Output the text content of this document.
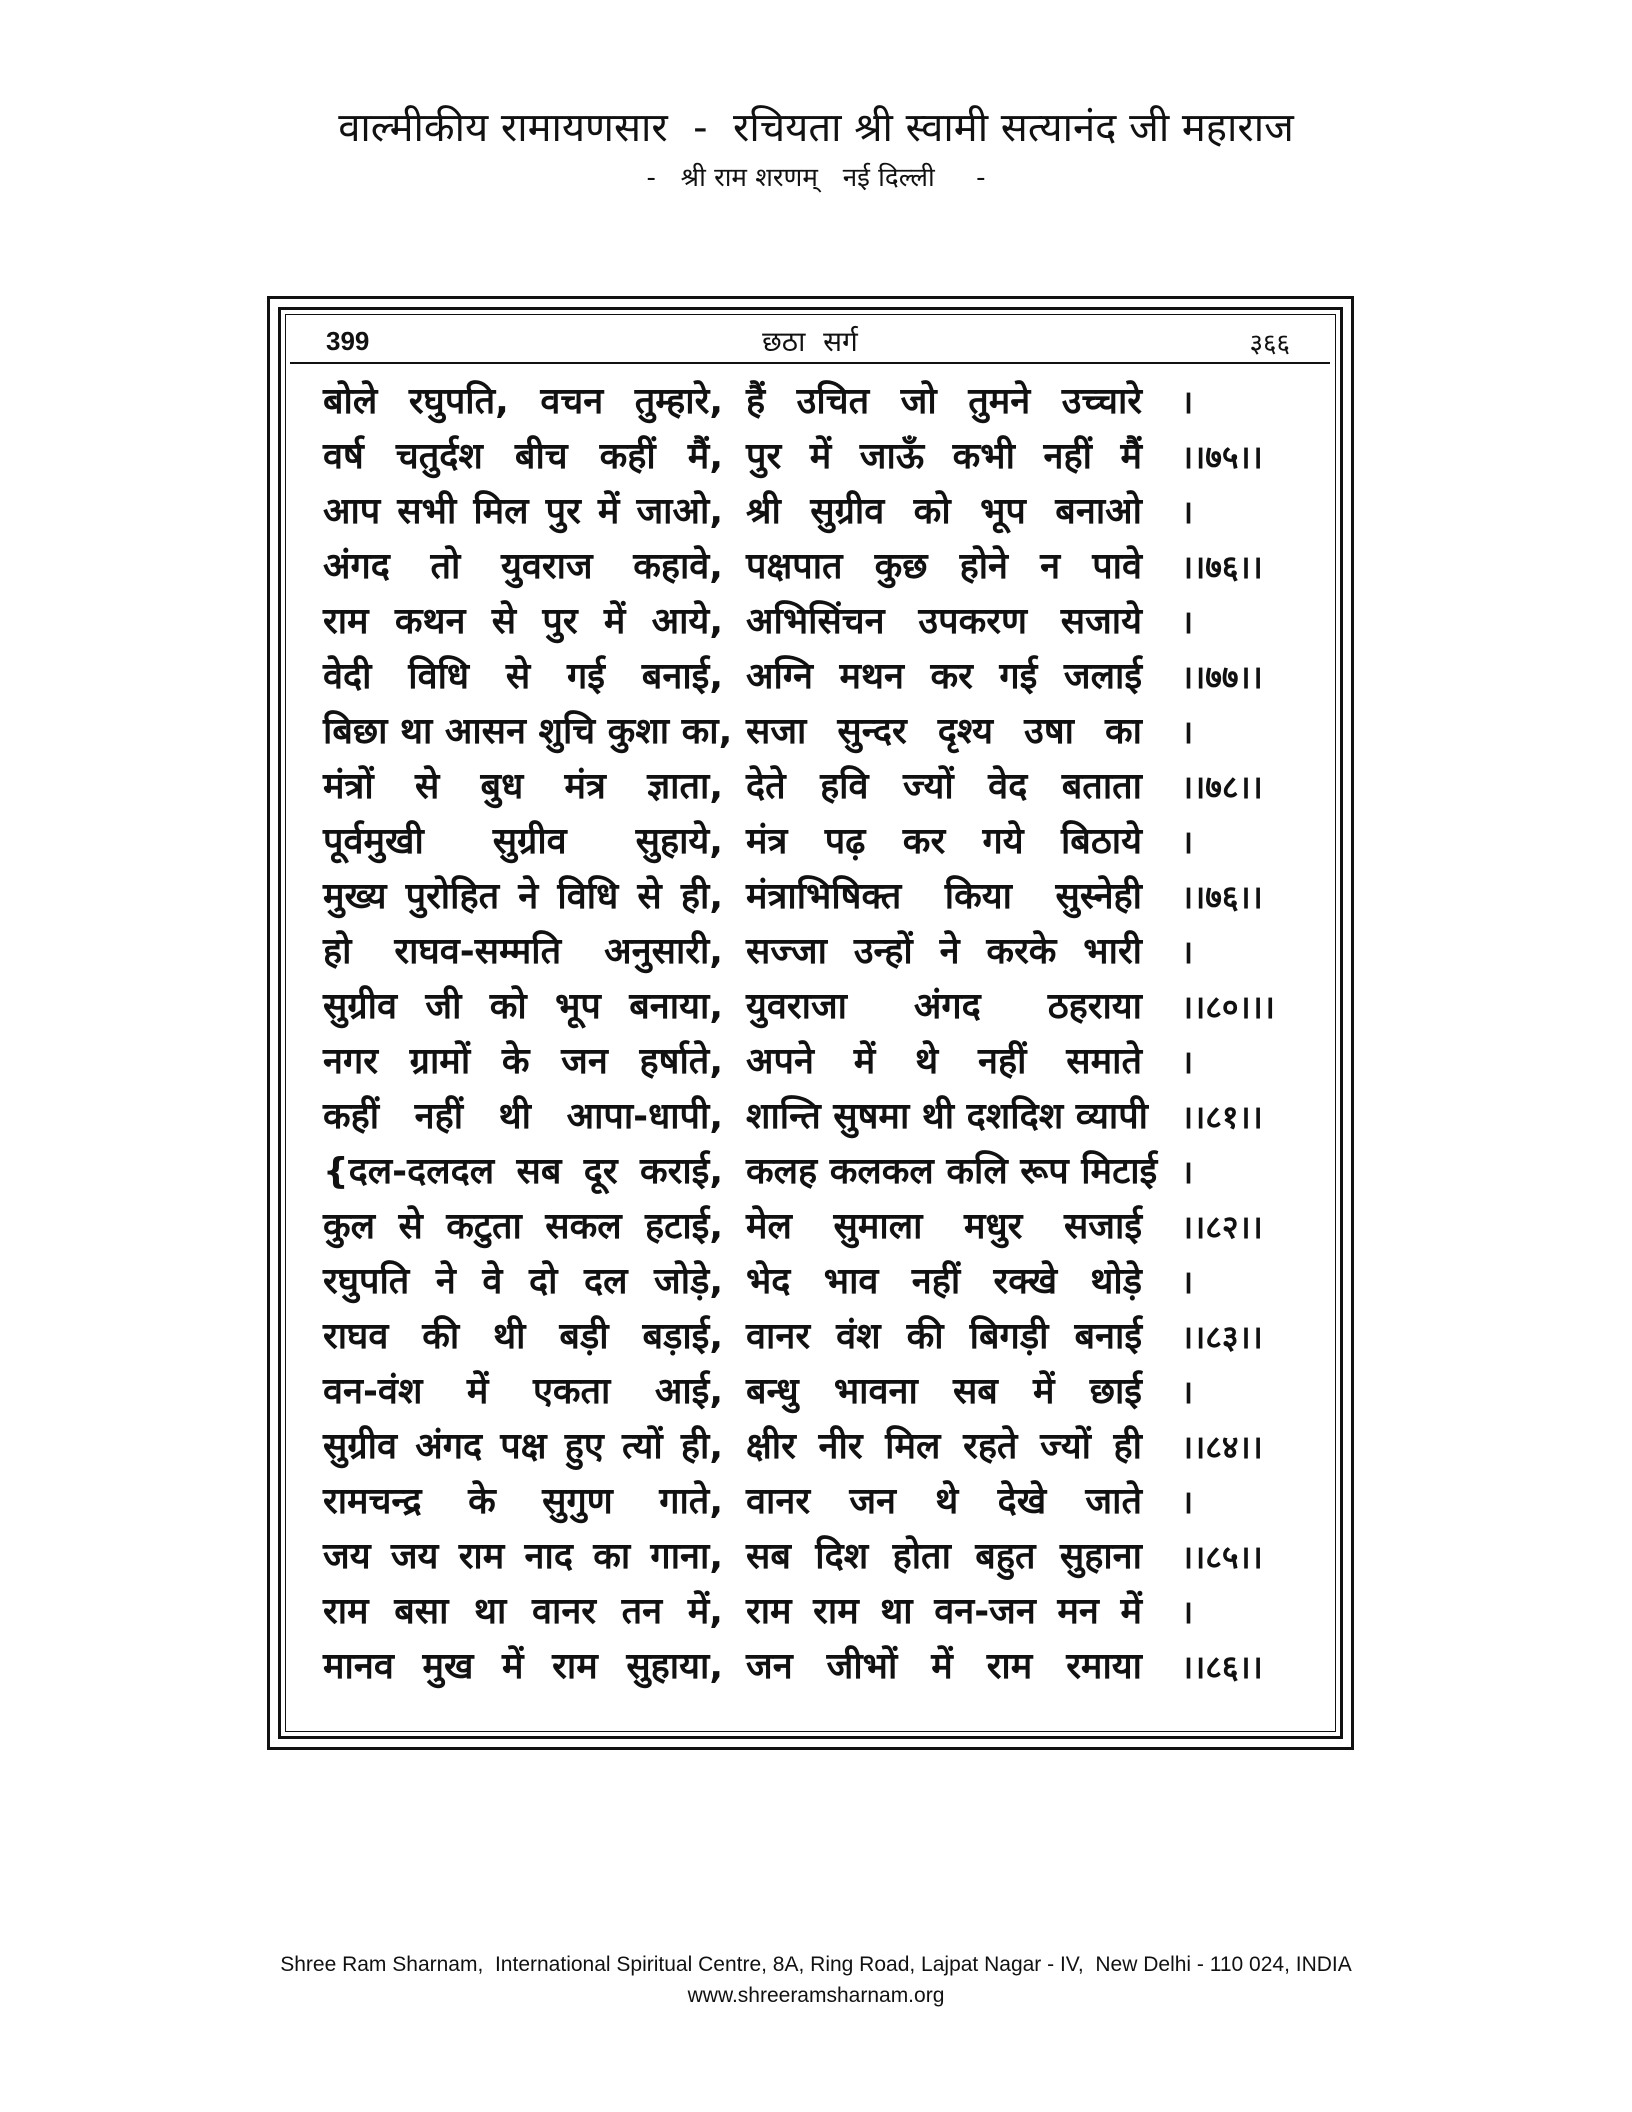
वाल्मीकीय रामायणसार  -  रचियता श्री स्वामी सत्यानंद जी महाराज
-   श्री राम शरणम्   नई दिल्ली     -
399	छठा  सर्ग	३६६
बोले रघुपति, वचन तुम्हारे, हैं उचित जो तुमने उच्चारे ।
वर्ष चतुर्दश बीच कहीं मैं, पुर में जाऊँ कभी नहीं मैं ।।७५।।
आप सभी मिल पुर में जाओ, श्री सुग्रीव को भूप बनाओ ।
अंगद तो युवराज कहावे, पक्षपात कुछ होने न पावे ।।७६।।
राम कथन से पुर में आये, अभिसिंचन उपकरण सजाये ।
वेदी विधि से गई बनाई, अग्नि मथन कर गई जलाई ।।७७।।
बिछा था आसन शुचि कुशा का, सजा सुन्दर दृश्य उषा का ।
मंत्रों से बुध मंत्र ज्ञाता, देते हवि ज्यों वेद बताता ।।७८।।
पूर्वमुखी सुग्रीव सुहाये, मंत्र पढ़ कर गये बिठाये ।
मुख्य पुरोहित ने विधि से ही, मंत्राभिषिक्त किया सुस्नेही ।।७६।।
हो राघव-सम्मति अनुसारी, सज्जा उन्हों ने करके भारी ।
सुग्रीव जी को भूप बनाया, युवराजा अंगद ठहराया ।।८०।।।
नगर ग्रामों के जन हर्षाते, अपने में थे नहीं समाते ।
कहीं नहीं थी आपा-धापी, शान्ति सुषमा थी दशदिश व्यापी ।।८१।।
{दल-दलदल सब दूर कराई, कलह कलकल कलि रूप मिटाई ।
कुल से कटुता सकल हटाई, मेल सुमाला मधुर सजाई ।।८२।।
रघुपति ने वे दो दल जोड़े, भेद भाव नहीं रक्खे थोड़े ।
राघव की थी बड़ी बड़ाई, वानर वंश की बिगड़ी बनाई ।।८३।।
वन-वंश में एकता आई, बन्धु भावना सब में छाई ।
सुग्रीव अंगद पक्ष हुए त्यों ही, क्षीर नीर मिल रहते ज्यों ही ।।८४।।
रामचन्द्र के सुगुण गाते, वानर जन थे देखे जाते ।
जय जय राम नाद का गाना, सब दिश होता बहुत सुहाना ।।८५।।
राम बसा था वानर तन में, राम राम था वन-जन मन में ।
मानव मुख में राम सुहाया, जन जीभों में राम रमाया ।।८६।।
Shree Ram Sharnam,  International Spiritual Centre, 8A, Ring Road, Lajpat Nagar - IV,  New Delhi - 110 024, INDIA
www.shreeramsharnam.org
